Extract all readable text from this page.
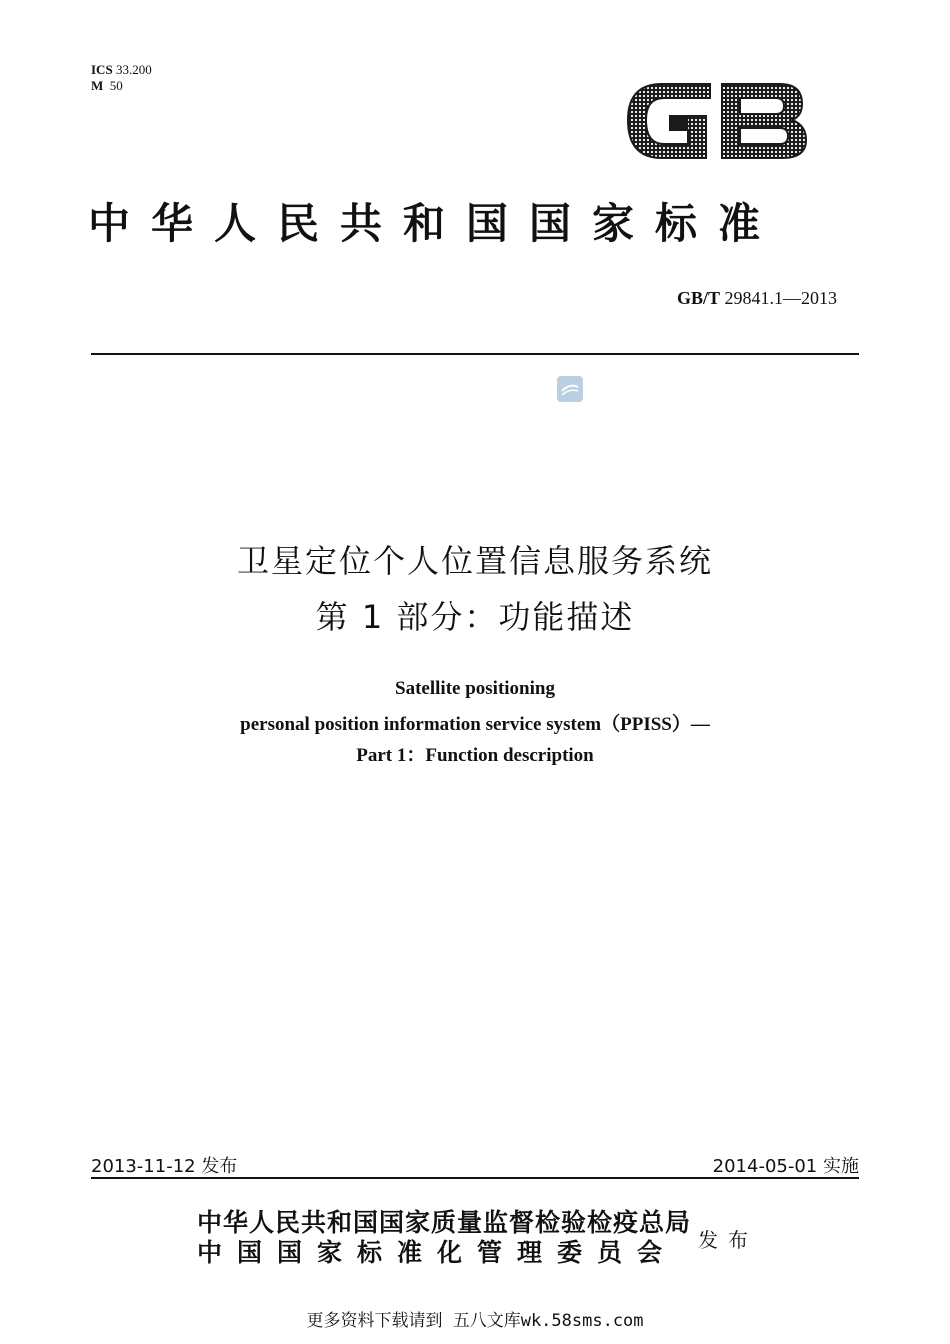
ICS 33.200
M 50
中华人民共和国国家标准
GB/T 29841.1—2013
卫星定位个人位置信息服务系统
第 1 部分：功能描述
Satellite positioning
personal position information service system（PPISS）—
Part 1：Function description
2013-11-12 发布	2014-05-01 实施
中华人民共和国国家质量监督检验检疫总局
中国国家标准化管理委员会 发布
更多资料下载请到 五八文库wk.58sms.com
